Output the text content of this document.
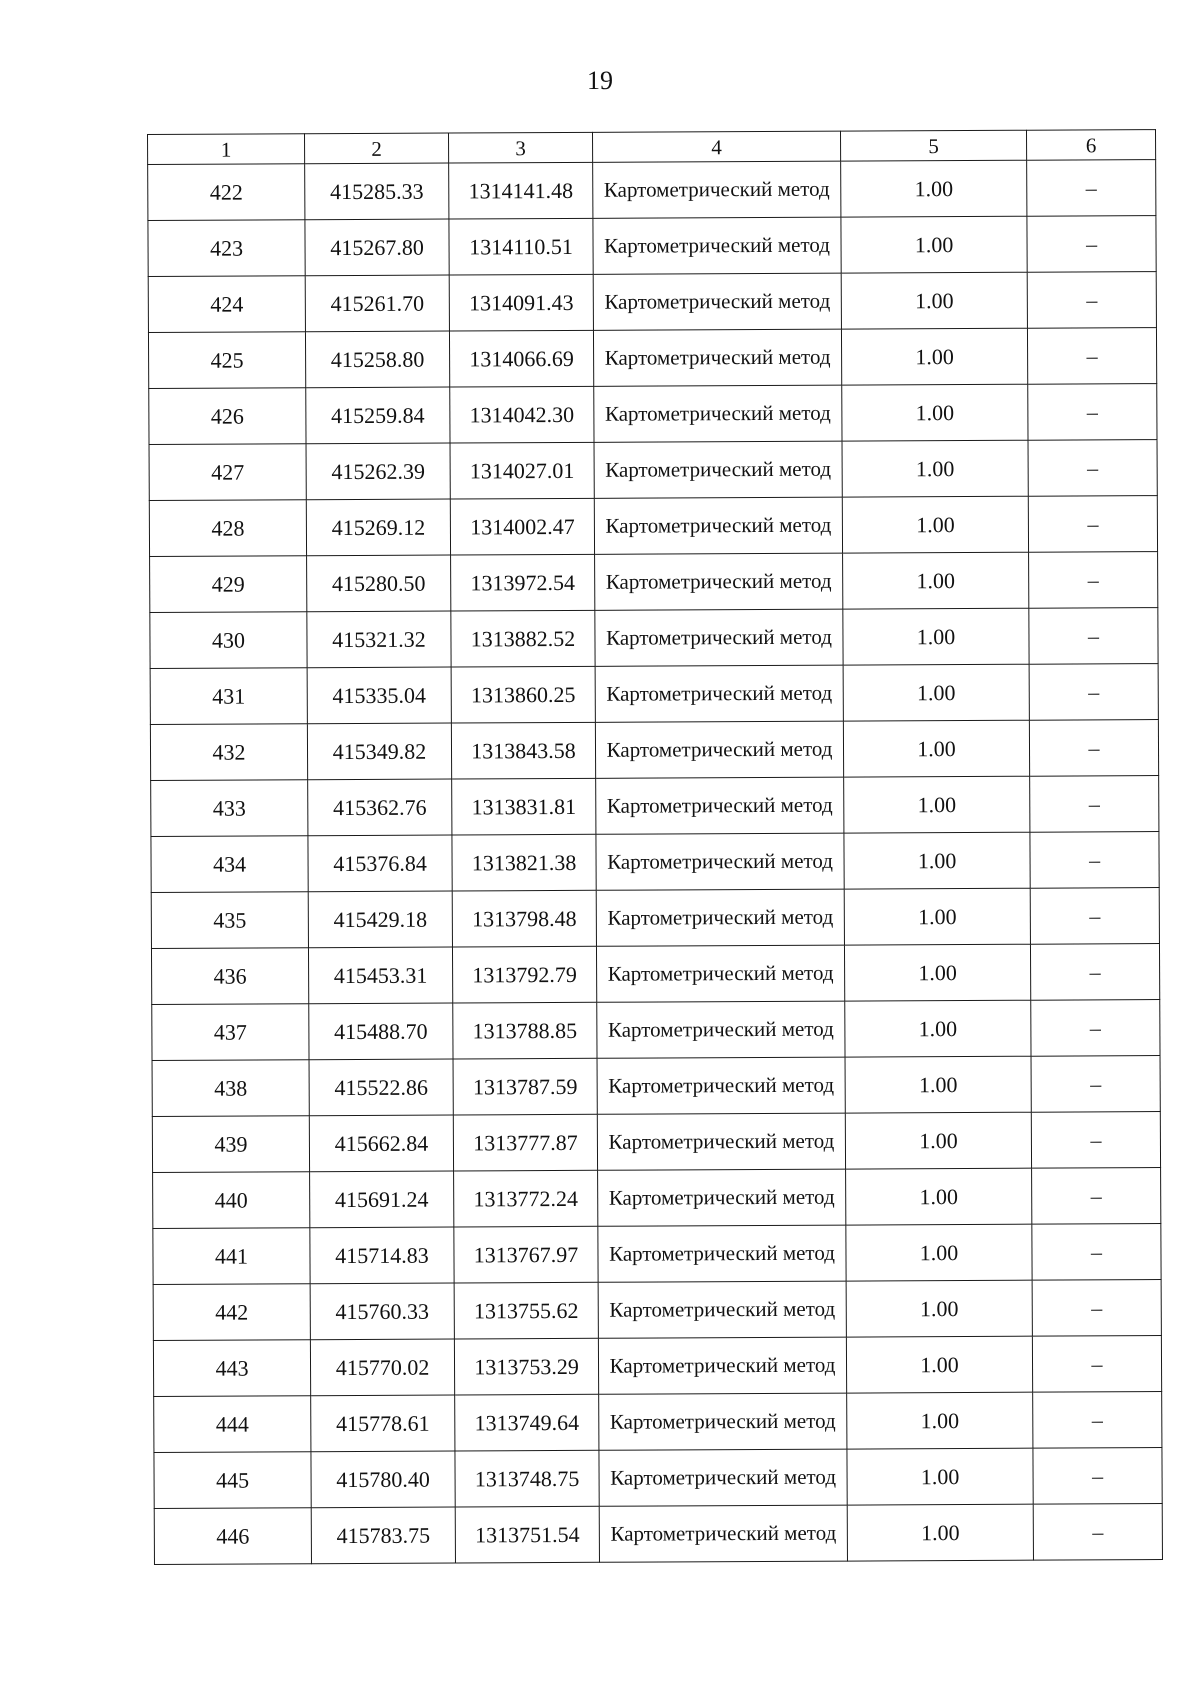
19
1	2	3	4	5	6
422	415285.33	1314141.48	Картометрический метод	1.00	–
423	415267.80	1314110.51	Картометрический метод	1.00	–
424	415261.70	1314091.43	Картометрический метод	1.00	–
425	415258.80	1314066.69	Картометрический метод	1.00	–
426	415259.84	1314042.30	Картометрический метод	1.00	–
427	415262.39	1314027.01	Картометрический метод	1.00	–
428	415269.12	1314002.47	Картометрический метод	1.00	–
429	415280.50	1313972.54	Картометрический метод	1.00	–
430	415321.32	1313882.52	Картометрический метод	1.00	–
431	415335.04	1313860.25	Картометрический метод	1.00	–
432	415349.82	1313843.58	Картометрический метод	1.00	–
433	415362.76	1313831.81	Картометрический метод	1.00	–
434	415376.84	1313821.38	Картометрический метод	1.00	–
435	415429.18	1313798.48	Картометрический метод	1.00	–
436	415453.31	1313792.79	Картометрический метод	1.00	–
437	415488.70	1313788.85	Картометрический метод	1.00	–
438	415522.86	1313787.59	Картометрический метод	1.00	–
439	415662.84	1313777.87	Картометрический метод	1.00	–
440	415691.24	1313772.24	Картометрический метод	1.00	–
441	415714.83	1313767.97	Картометрический метод	1.00	–
442	415760.33	1313755.62	Картометрический метод	1.00	–
443	415770.02	1313753.29	Картометрический метод	1.00	–
444	415778.61	1313749.64	Картометрический метод	1.00	–
445	415780.40	1313748.75	Картометрический метод	1.00	–
446	415783.75	1313751.54	Картометрический метод	1.00	–
